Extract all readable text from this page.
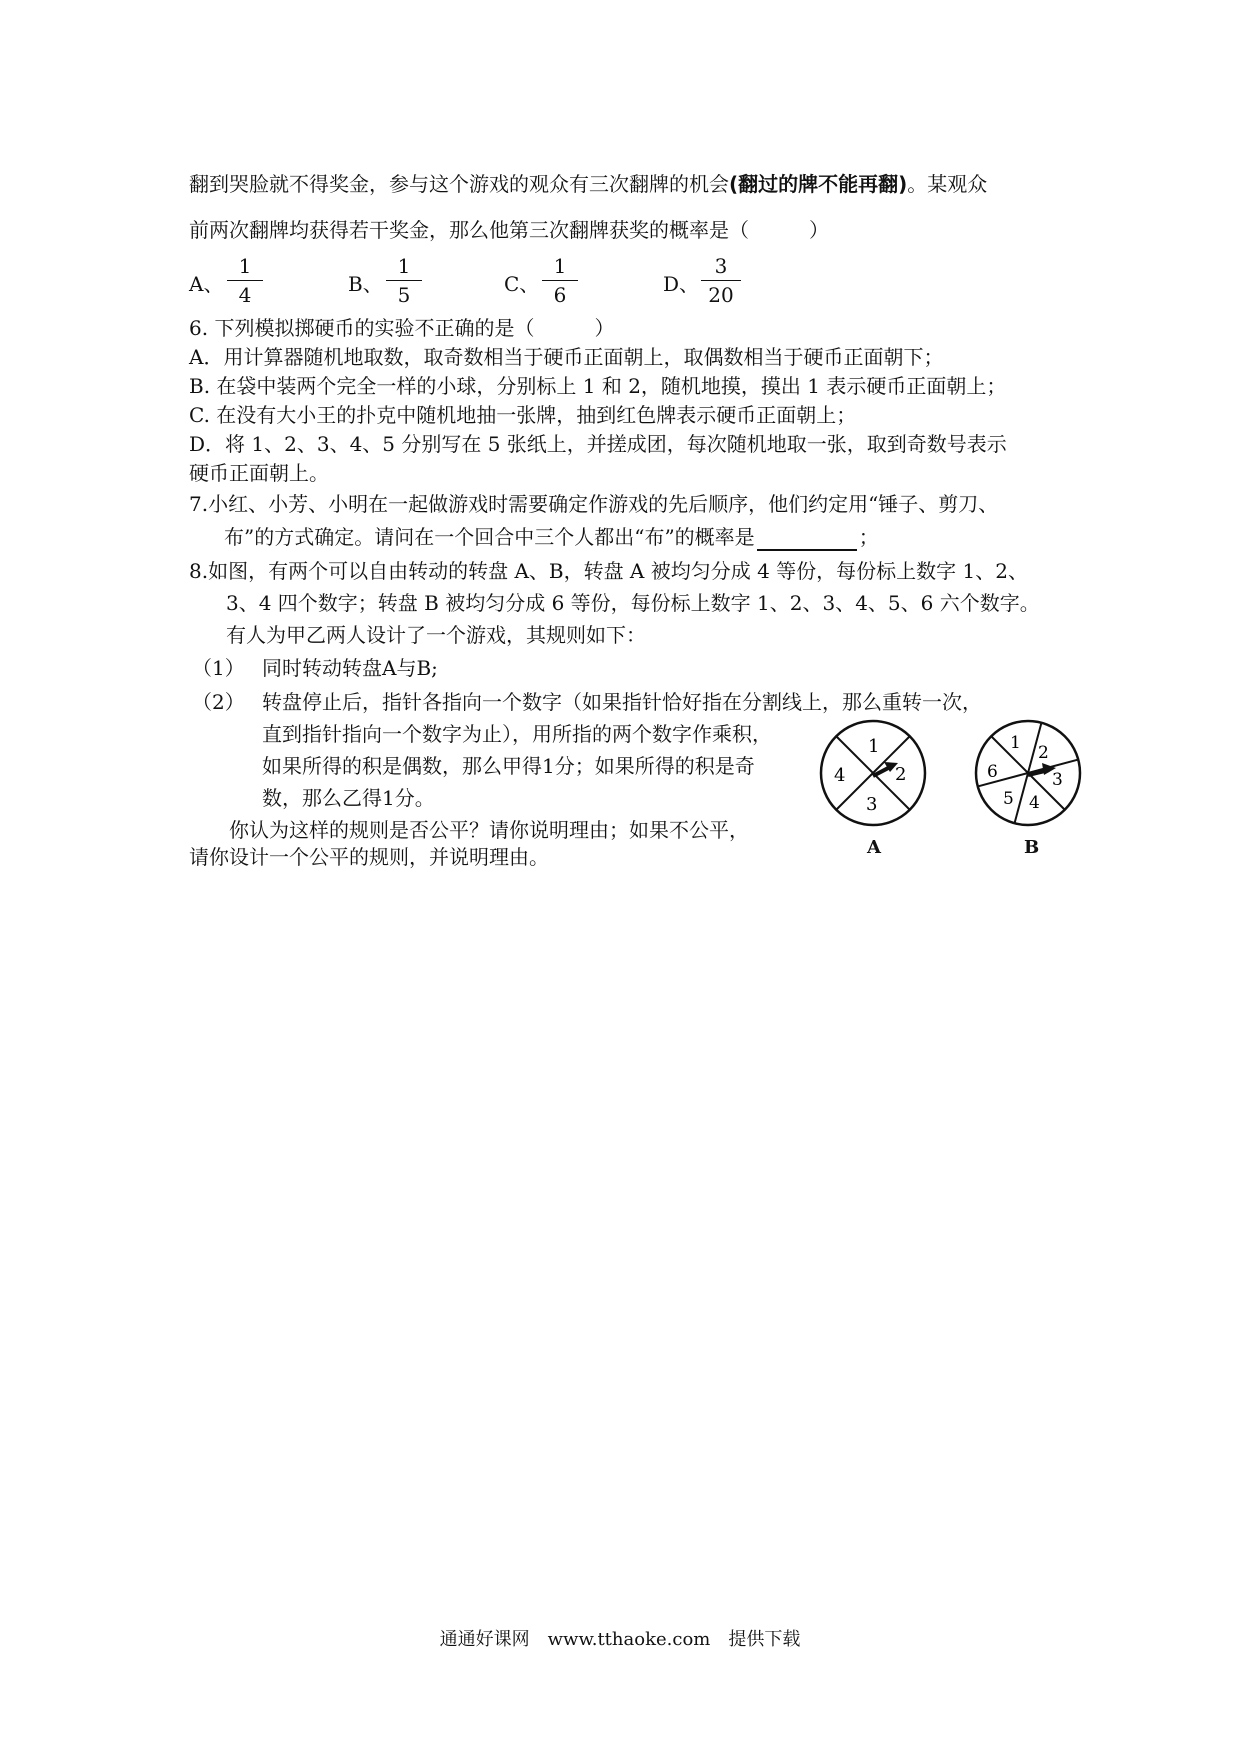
翻到哭脸就不得奖金，参与这个游戏的观众有三次翻牌的机会(翻过的牌不能再翻)。某观众
前两次翻牌均获得若干奖金，那么他第三次翻牌获奖的概率是（　　　）
A、
1
4	B、
1
5	C、
1
6	D、
3
20
6. 下列模拟掷硬币的实验不正确的是（　　　）
A．用计算器随机地取数，取奇数相当于硬币正面朝上，取偶数相当于硬币正面朝下；
B. 在袋中装两个完全一样的小球，分别标上 1 和 2，随机地摸，摸出 1 表示硬币正面朝上；
C. 在没有大小王的扑克中随机地抽一张牌，抽到红色牌表示硬币正面朝上；
D．将 1、2、3、4、5 分别写在 5 张纸上，并搓成团，每次随机地取一张，取到奇数号表示
硬币正面朝上。
7.小红、小芳、小明在一起做游戏时需要确定作游戏的先后顺序，他们约定用“锤子、剪刀、
布”的方式确定。请问在一个回合中三个人都出“布”的概率是	；
8.如图，有两个可以自由转动的转盘 A、B，转盘 A 被均匀分成 4 等份，每份标上数字 1、2、
3、4 四个数字；转盘 B 被均匀分成 6 等份，每份标上数字 1、2、3、4、5、6 六个数字。
有人为甲乙两人设计了一个游戏，其规则如下：
（1） 同时转动转盘A与B;
（2） 转盘停止后，指针各指向一个数字（如果指针恰好指在分割线上，那么重转一次，
直到指针指向一个数字为止），用所指的两个数字作乘积，
如果所得的积是偶数，那么甲得1分；如果所得的积是奇
数，那么乙得1分。
你认为这样的规则是否公平？请你说明理由；如果不公平，
请你设计一个公平的规则，并说明理由。
1
2
3
4
A
1 2
3
4
5
6
B
通通好课网　www.tthaoke.com　提供下载
